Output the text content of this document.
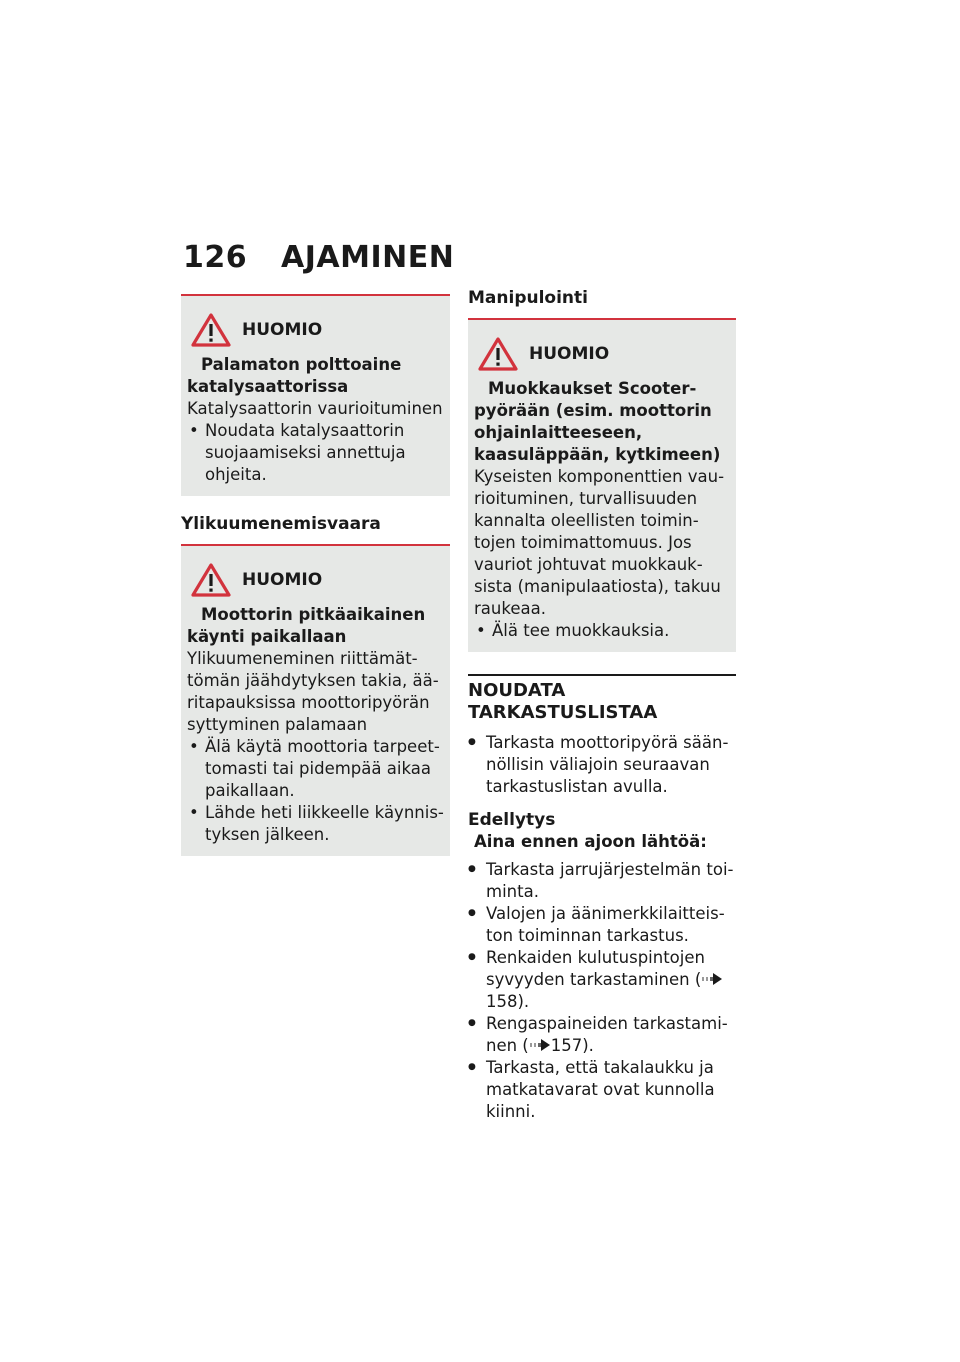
126 AJAMINEN
HUOMIO
Palamaton polttoaine katalysaattorissa
Katalysaattorin vaurioituminen
• Noudata katalysaattorin suojaamiseksi annettuja ohjeita.
Ylikuumenemisvaara
HUOMIO
Moottorin pitkäaikainen käynti paikallaan
Ylikuumeneminen riittämättömän jäähdytyksen takia, ääritapauksissa moottoripyörän syttyminen palamaan
• Älä käytä moottoria tarpeettomasti tai pidempää aikaa paikallaan.
• Lähde heti liikkeelle käynnistyksen jälkeen.
Manipulointi
HUOMIO
Muokkaukset Scooter-pyörään (esim. moottorin ohjainlaitteeseen, kaasuläppään, kytkimeen)
Kyseisten komponenttien vaurioituminen, turvallisuuden kannalta oleellisten toimintojen toimimattomuus. Jos vauriot johtuvat muokkauksista (manipulaatiosta), takuu raukeaa.
• Älä tee muokkauksia.
NOUDATA
TARKASTUSLISTAA
● Tarkasta moottoripyörä säännöllisin väliajoin seuraavan tarkastuslistan avulla.
Edellytys
Aina ennen ajoon lähtöä:
● Tarkasta jarrujärjestelmän toiminta.
● Valojen ja äänimerkkilaitteiston toiminnan tarkastus.
● Renkaiden kulutuspintojen syvyyden tarkastaminen (158).
● Rengaspaineiden tarkastaminen ( 157).
● Tarkasta, että takalaukku ja matkatavarat ovat kunnolla kiinni.
